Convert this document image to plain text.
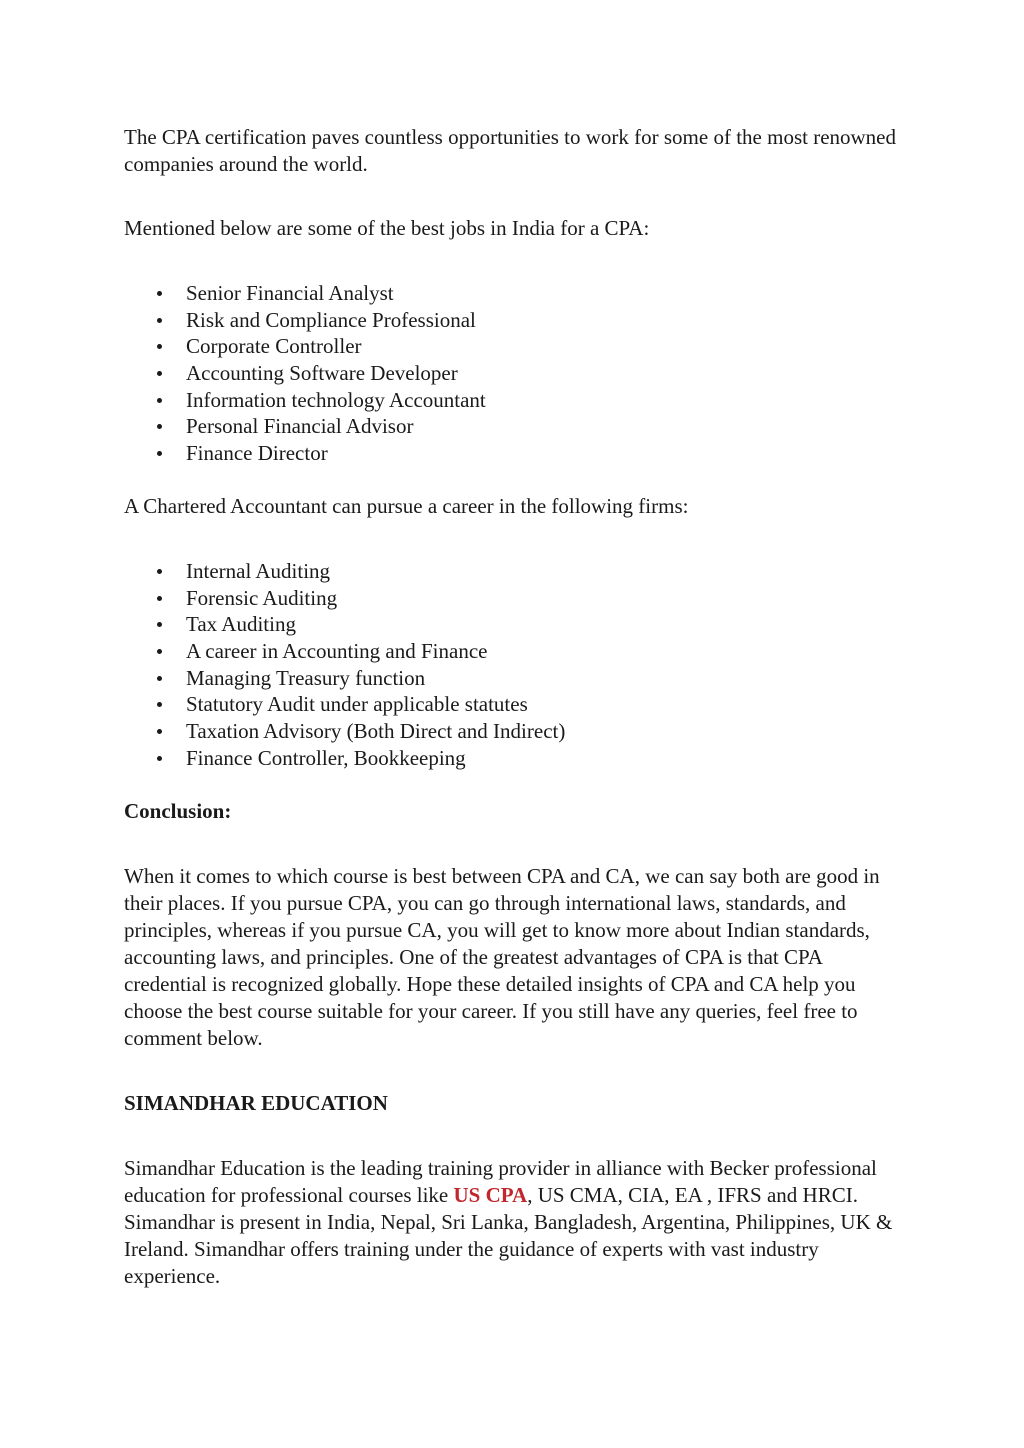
The CPA certification paves countless opportunities to work for some of the most renowned companies around the world.

Mentioned below are some of the best jobs in India for a CPA:

Senior Financial Analyst
Risk and Compliance Professional
Corporate Controller
Accounting Software Developer
Information technology Accountant
Personal Financial Advisor
Finance Director

A Chartered Accountant can pursue a career in the following firms:

Internal Auditing
Forensic Auditing
Tax Auditing
A career in Accounting and Finance
Managing Treasury function
Statutory Audit under applicable statutes
Taxation Advisory (Both Direct and Indirect)
Finance Controller, Bookkeeping

Conclusion:

When it comes to which course is best between CPA and CA, we can say both are good in their places. If you pursue CPA, you can go through international laws, standards, and principles, whereas if you pursue CA, you will get to know more about Indian standards, accounting laws, and principles. One of the greatest advantages of CPA is that CPA credential is recognized globally. Hope these detailed insights of CPA and CA help you choose the best course suitable for your career. If you still have any queries, feel free to comment below.

SIMANDHAR EDUCATION

Simandhar Education is the leading training provider in alliance with Becker professional education for professional courses like US CPA, US CMA, CIA, EA , IFRS and HRCI. Simandhar is present in India, Nepal, Sri Lanka, Bangladesh, Argentina, Philippines, UK & Ireland. Simandhar offers training under the guidance of experts with vast industry experience.
